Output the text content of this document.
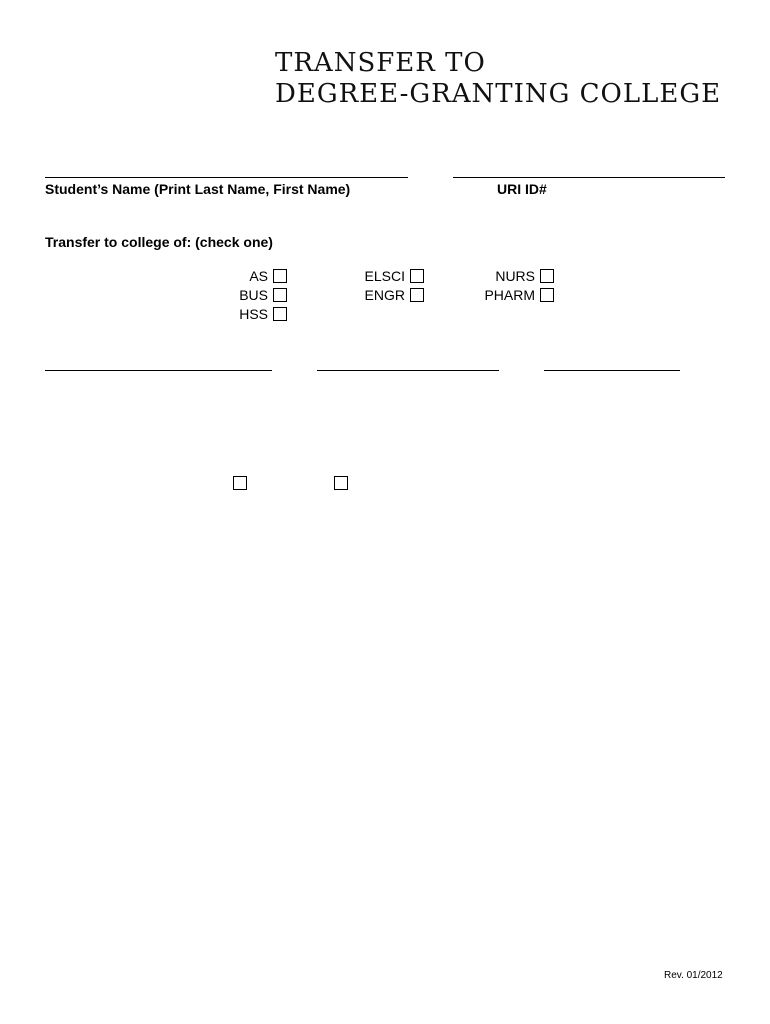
TRANSFER TO
DEGREE-GRANTING COLLEGE
Student’s Name (Print Last Name, First Name)	URI ID#
Transfer to college of: (check one)
AS
BUS
HSS
ELSCI
ENGR
NURS
PHARM
Rev. 01/2012
